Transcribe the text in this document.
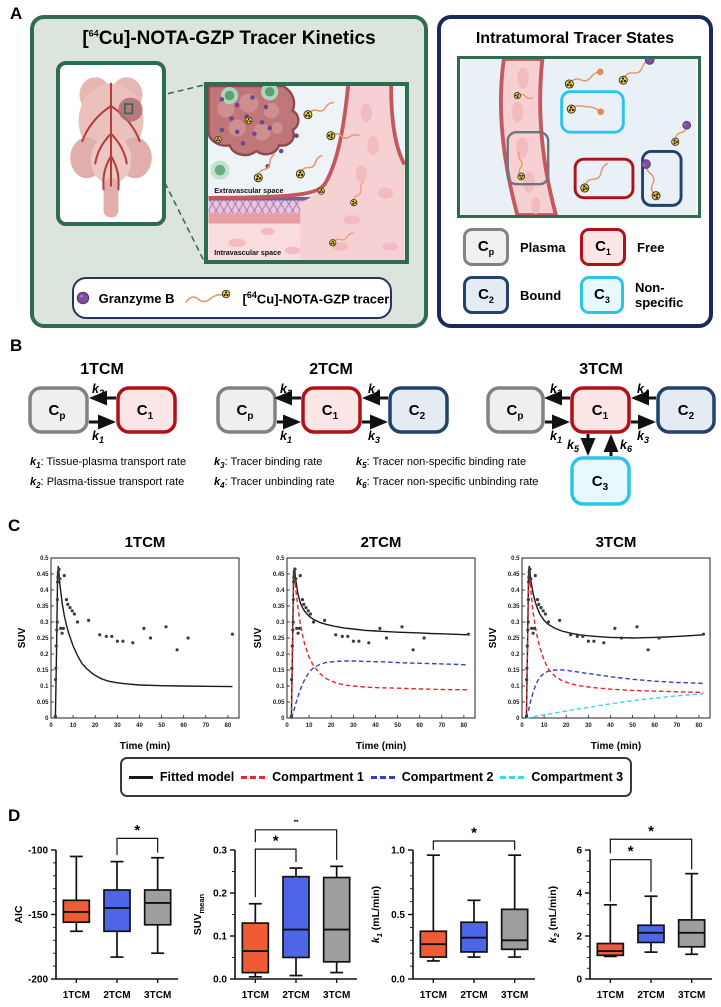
A
[$^{64}$Cu]-NOTA-GZP Tracer Kinetics
Extravascular space
Intravascular space
Granzyme B	[$^{64}$Cu]-NOTA-GZP tracer
Intratumoral Tracer States
$C_p$ Plasma $C_1$ Free
$C_2$ Bound $C_3$
Non-specific
B
1TCM	2TCM	3TCM
$C_p$	$C_1$
$k_2$
$k_1$
$C_p$	$C_1$	$C_2$
$k_2$
$k_1$
$k_4$
$k_3$
$C_p$	$C_1$	$C_2$
$C_3$
$k_2$
$k_1$
$k_4$
$k_3$
$k_5$	$k_6$
$k_1$: Tissue-plasma transport rate
$k_2$: Plasma-tissue transport rate
$k_3$: Tracer binding rate
$k_4$: Tracer unbinding rate
$k_5$: Tracer non-specific binding rate
$k_6$: Tracer non-specific unbinding rate
C
1TCM
0
0.05
0.1
0.15
0.2
0.25
0.3
0.35
0.4
0.45
0.5
0	10	20	30	40	50	60	70	80
Time (min)
SUV
2TCM
0
0.05
0.1
0.15
0.2
0.25
0.3
0.35
0.4
0.45
0.5
0	10	20	30	40	50	60	70	80
Time (min)
SUV
3TCM
0
0.05
0.1
0.15
0.2
0.25
0.3
0.35
0.4
0.45
0.5
0	10	20	30	40	50	60	70	80
Time (min)
SUV
Fitted model	Compartment 1	Compartment 2	Compartment 3
D
-100
-150
-200
AIC
1TCM 2TCM 3TCM
*
0.0
0.1
0.2
0.3
$SUV_{mean}$
1TCM 2TCM 3TCM
*
*
0.0
0.5
1.0
$k_1$ (mL/min)
1TCM 2TCM 3TCM
*
0
2
4
6
$k_2$ (mL/min)
1TCM 2TCM 3TCM
*
*
